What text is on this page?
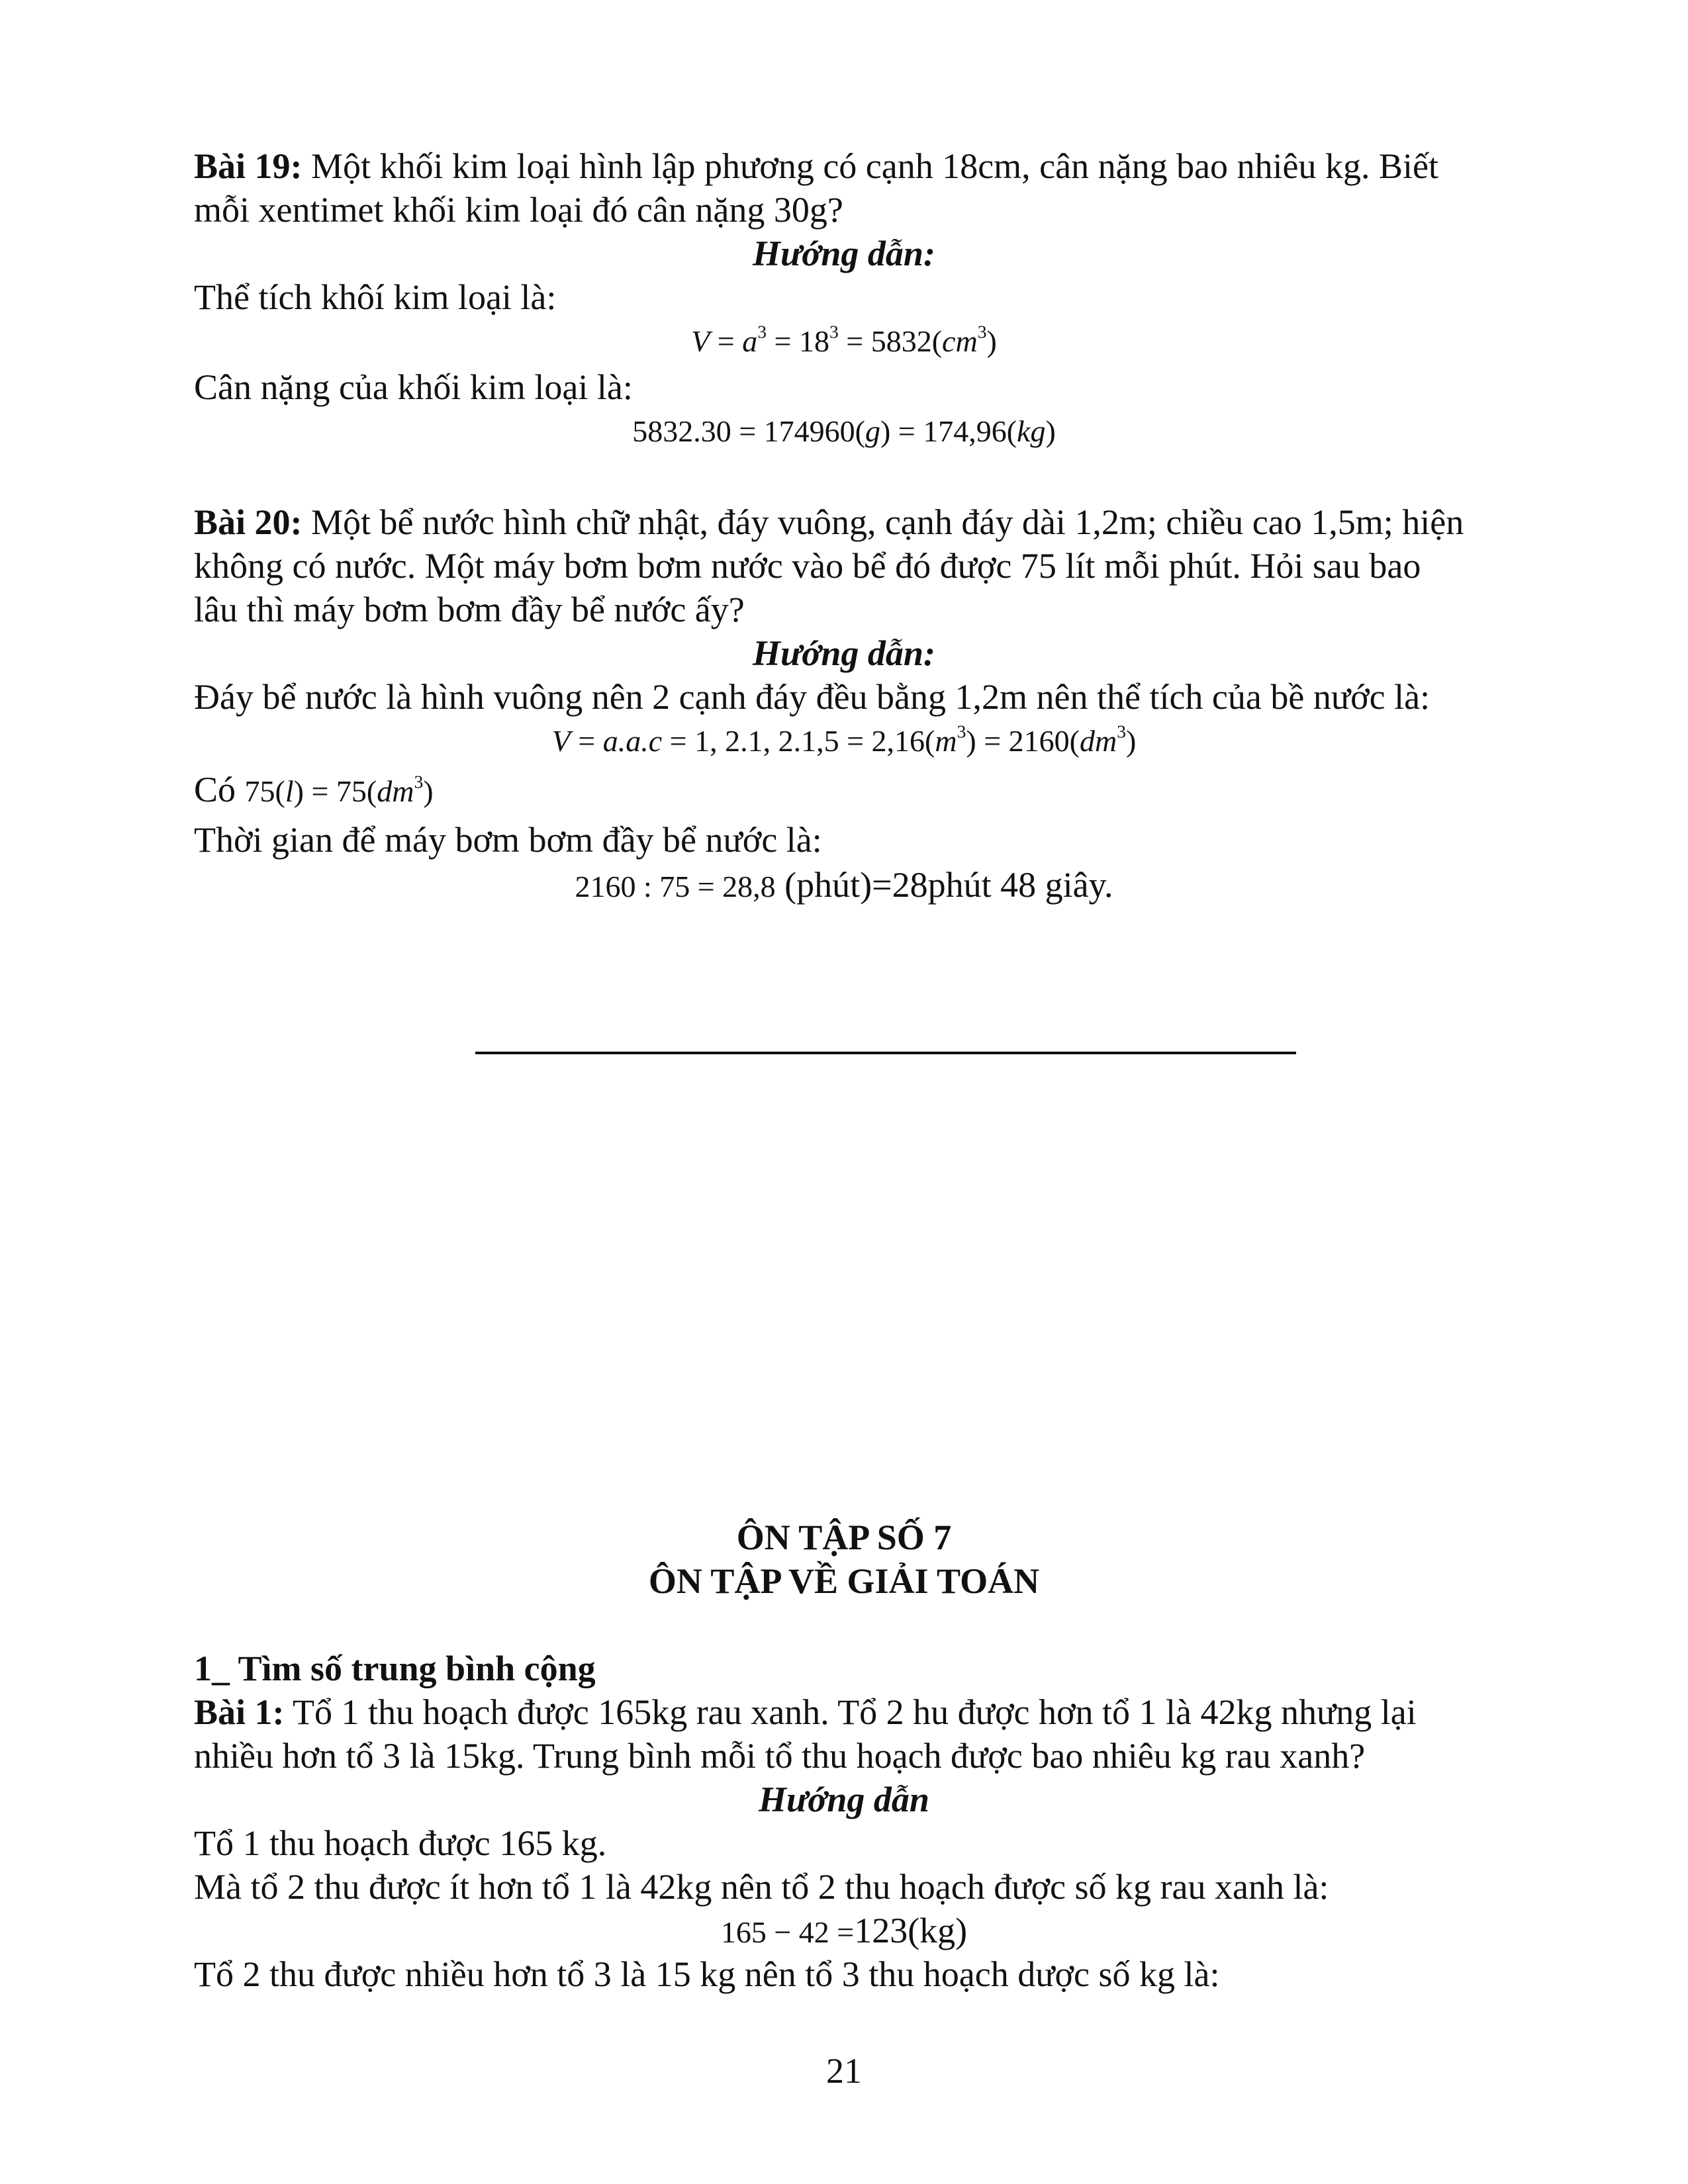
Bài 19: Một khối kim loại hình lập phương có cạnh 18cm, cân nặng bao nhiêu kg. Biết
mỗi xentimet khối kim loại đó cân nặng 30g?
Hướng dẫn:
Thể tích khôí kim loại là:
$V = a^3 = 18^3 = 5832(cm^3)$
Cân nặng của khối kim loại là:
5832.30 = 174960(g) = 174,96(kg)
Bài 20: Một bể nước hình chữ nhật, đáy vuông, cạnh đáy dài 1,2m; chiều cao 1,5m; hiện
không có nước. Một máy bơm bơm nước vào bể đó được 75 lít mỗi phút. Hỏi sau bao
lâu thì máy bơm bơm đầy bể nước ấy?
Hướng dẫn:
Đáy bể nước là hình vuông nên 2 cạnh đáy đều bằng 1,2m nên thể tích của bề nước là:
V = a.a.c = 1, 2.1, $2.1,5 = 2,16(m^3) = 2160(dm^3)$
Có $75(l) = 75(dm^3)$
Thời gian để máy bơm bơm đầy bể nước là:
2160 : 75 = 28,8 (phút)=28phút 48 giây.
ÔN TẬP SỐ 7
ÔN TẬP VỀ GIẢI TOÁN
1_ Tìm số trung bình cộng
Bài 1: Tổ 1 thu hoạch được 165kg rau xanh. Tổ 2 hu được hơn tổ 1 là 42kg nhưng lại
nhiều hơn tổ 3 là 15kg. Trung bình mỗi tổ thu hoạch được bao nhiêu kg rau xanh?
Hướng dẫn
Tổ 1 thu hoạch được 165 kg.
Mà tổ 2 thu được ít hơn tổ 1 là 42kg nên tổ 2 thu hoạch được số kg rau xanh là:
165 − 42 =123(kg)
Tổ 2 thu được nhiều hơn tổ 3 là 15 kg nên tổ 3 thu hoạch dược số kg là:
21
